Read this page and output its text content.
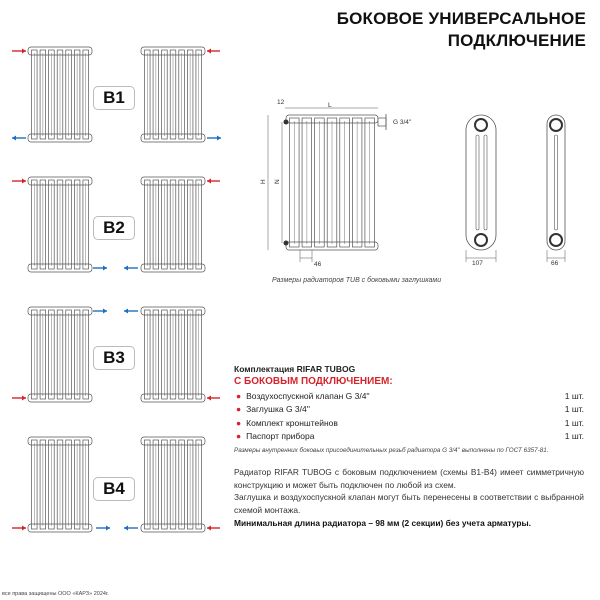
БОКОВОЕ УНИВЕРСАЛЬНОЕ
ПОДКЛЮЧЕНИЕ
B1
B2
B3
B4
12	L
G 3/4''
H N
46	107	66
Размеры радиаторов TUB с боковыми заглушками
Комплектация RIFAR TUBOG
С БОКОВЫМ ПОДКЛЮЧЕНИЕМ:
● Воздухоспускной клапан G 3/4''	1 шт.
● Заглушка G 3/4''	1 шт.
● Комплект кронштейнов	1 шт.
● Паспорт прибора	1 шт.
Размеры внутренних боковых присоединительных резьб радиатора G 3/4'' выполнены по ГОСТ 6357-81.

Радиатор RIFAR TUBOG с боковым подключением (схемы В1-В4) имеет симметричную конструкцию и может быть подключен по любой из схем.

Заглушка и воздухоспускной клапан могут быть перенесены в соответствии с выбранной схемой монтажа.

Минимальная длина радиатора – 98 мм (2 секции) без учета арматуры.

все права защищены ООО «КАРЗ» 2024г.
